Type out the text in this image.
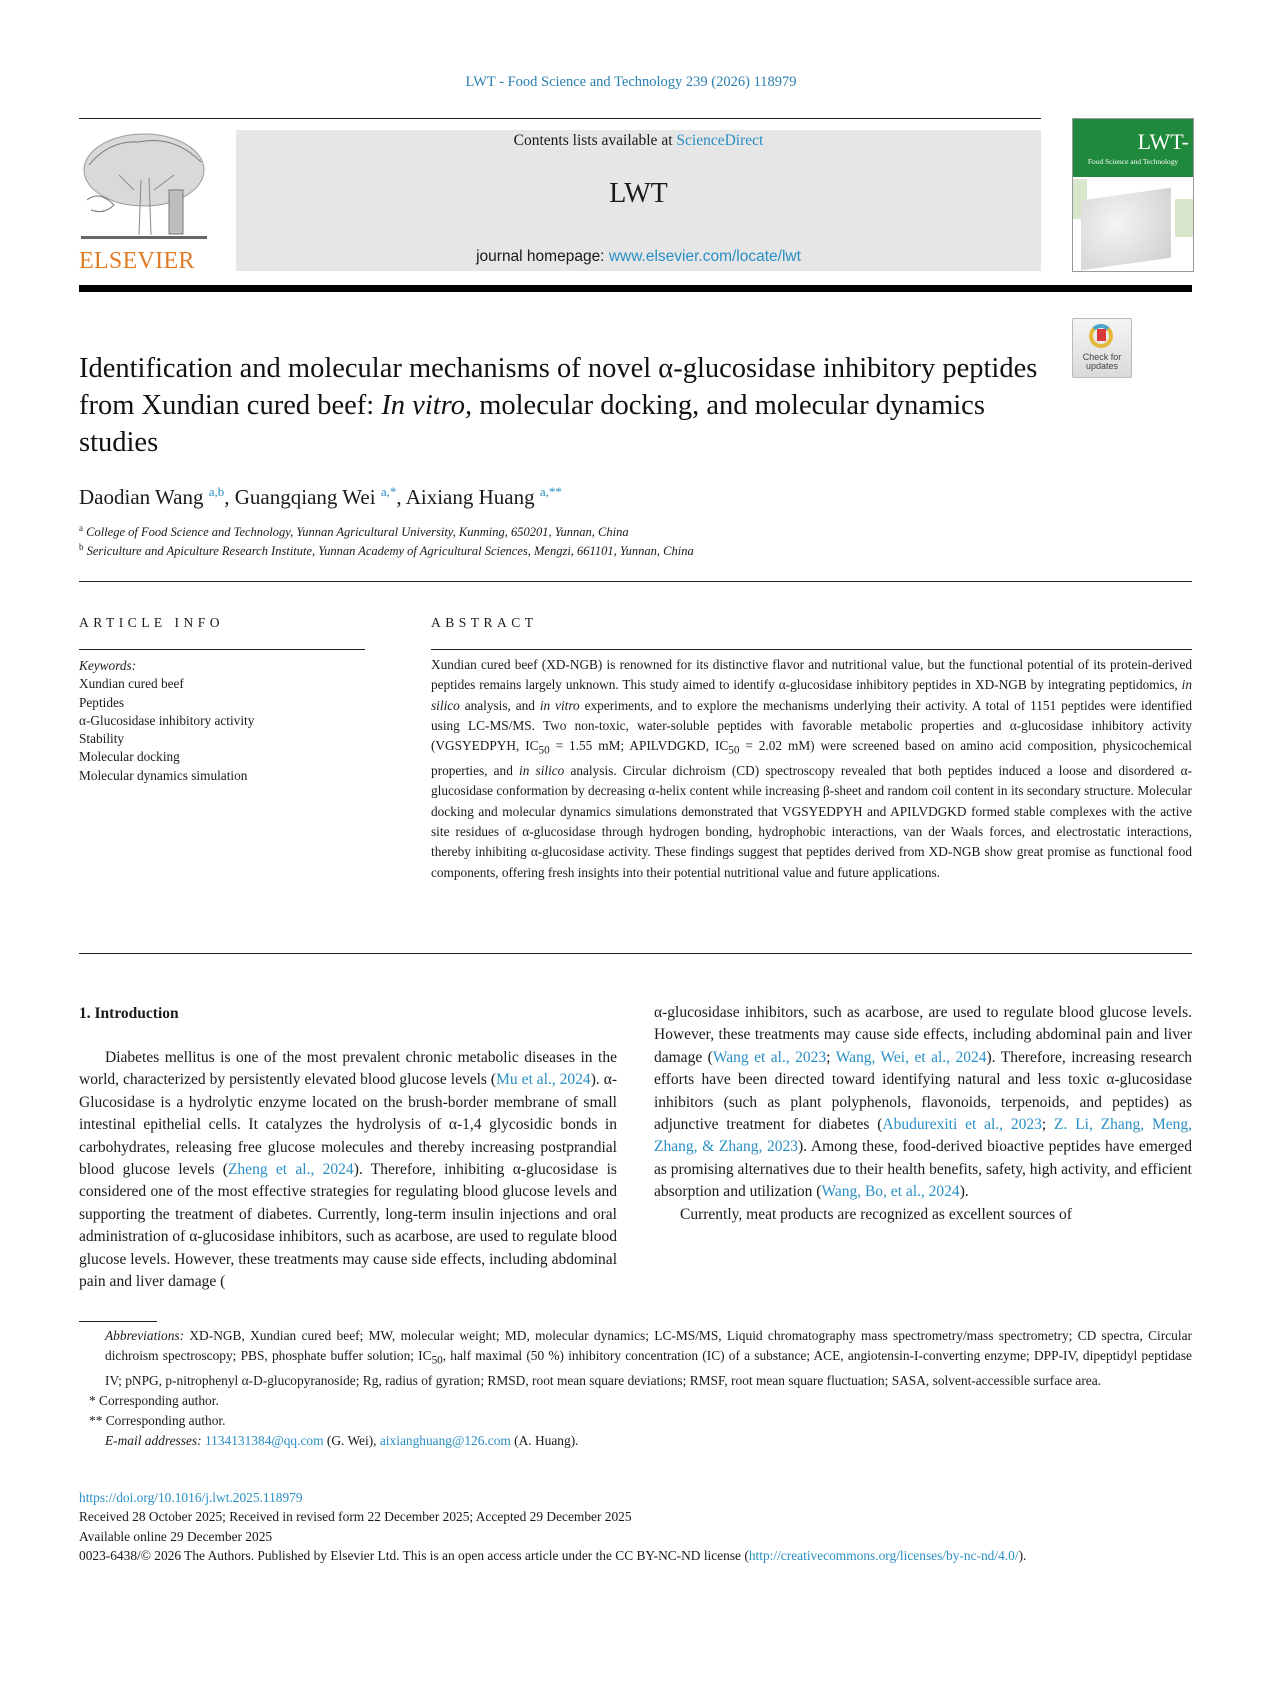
LWT - Food Science and Technology 239 (2026) 118979
ELSEVIER
Contents lists available at ScienceDirect
LWT
journal homepage: www.elsevier.com/locate/lwt
LWT-
Food Science and Technology
Identification and molecular mechanisms of novel α-glucosidase inhibitory peptides from Xundian cured beef: In vitro, molecular docking, and molecular dynamics studies
Check for updates
Daodian Wang $^{a,b}$, Guangqiang Wei $^{a,*}$, Aixiang Huang $^{a,**}$
$^a$ College of Food Science and Technology, Yunnan Agricultural University, Kunming, 650201, Yunnan, China
$^b$ Sericulture and Apiculture Research Institute, Yunnan Academy of Agricultural Sciences, Mengzi, 661101, Yunnan, China
ARTICLE INFO	ABSTRACT
Keywords:
Xundian cured beef
Peptides
α-Glucosidase inhibitory activity
Stability
Molecular docking
Molecular dynamics simulation
Xundian cured beef (XD-NGB) is renowned for its distinctive flavor and nutritional value, but the functional potential of its protein-derived peptides remains largely unknown. This study aimed to identify α-glucosidase inhibitory peptides in XD-NGB by integrating peptidomics, in silico analysis, and in vitro experiments, and to explore the mechanisms underlying their activity. A total of 1151 peptides were identified using LC-MS/MS. Two non-toxic, water-soluble peptides with favorable metabolic properties and α-glucosidase inhibitory activity (VGSYEDPYH, $IC_{50} = 1.55$ mM; APILVDGKD, $IC_{50} = 2.02$ mM) were screened based on amino acid composition, physicochemical properties, and in silico analysis. Circular dichroism (CD) spectroscopy revealed that both peptides induced a loose and disordered α-glucosidase conformation by decreasing α-helix content while increasing β-sheet and random coil content in its secondary structure. Molecular docking and molecular dynamics simulations demonstrated that VGSYEDPYH and APILVDGKD formed stable complexes with the active site residues of α-glucosidase through hydrogen bonding, hydrophobic interactions, van der Waals forces, and electrostatic interactions, thereby inhibiting α-glucosidase activity. These findings suggest that peptides derived from XD-NGB show great promise as functional food components, offering fresh insights into their potential nutritional value and future applications.
1. Introduction

Diabetes mellitus is one of the most prevalent chronic metabolic diseases in the world, characterized by persistently elevated blood glucose levels (Mu et al., 2024). α-Glucosidase is a hydrolytic enzyme located on the brush-border membrane of small intestinal epithelial cells. It catalyzes the hydrolysis of α-1,4 glycosidic bonds in carbohydrates, releasing free glucose molecules and thereby increasing postprandial blood glucose levels (Zheng et al., 2024). Therefore, inhibiting α-glucosidase is considered one of the most effective strategies for regulating blood glucose levels and supporting the treatment of diabetes. Currently, long-term insulin injections and oral administration of α-glucosidase inhibitors, such as acarbose, are used to regulate blood glucose levels. However, these treatments may cause side effects, including abdominal pain and liver damage (

α-glucosidase inhibitors, such as acarbose, are used to regulate blood glucose levels. However, these treatments may cause side effects, including abdominal pain and liver damage (Wang et al., 2023; Wang, Wei, et al., 2024). Therefore, increasing research efforts have been directed toward identifying natural and less toxic α-glucosidase inhibitors (such as plant polyphenols, flavonoids, terpenoids, and peptides) as adjunctive treatment for diabetes (Abudurexiti et al., 2023; Z. Li, Zhang, Meng, Zhang, & Zhang, 2023). Among these, food-derived bioactive peptides have emerged as promising alternatives due to their health benefits, safety, high activity, and efficient absorption and utilization (Wang, Bo, et al., 2024).

Currently, meat products are recognized as excellent sources of

Abbreviations: XD-NGB, Xundian cured beef; MW, molecular weight; MD, molecular dynamics; LC-MS/MS, Liquid chromatography mass spectrometry/mass spectrometry; CD spectra, Circular dichroism spectroscopy; PBS, phosphate buffer solution; $IC_{50}$, half maximal (50 %) inhibitory concentration (IC) of a substance; ACE, angiotensin-I-converting enzyme; DPP-IV, dipeptidyl peptidase IV; pNPG, p-nitrophenyl α-D-glucopyranoside; Rg, radius of gyration; RMSD, root mean square deviations; RMSF, root mean square fluctuation; SASA, solvent-accessible surface area.

* Corresponding author.

** Corresponding author.

E-mail addresses: 1134131384@qq.com (G. Wei), aixianghuang@126.com (A. Huang).

https://doi.org/10.1016/j.lwt.2025.118979

Received 28 October 2025; Received in revised form 22 December 2025; Accepted 29 December 2025

Available online 29 December 2025

0023-6438/© 2026 The Authors. Published by Elsevier Ltd. This is an open access article under the CC BY-NC-ND license (http://creativecommons.org/licenses/by-nc-nd/4.0/).
